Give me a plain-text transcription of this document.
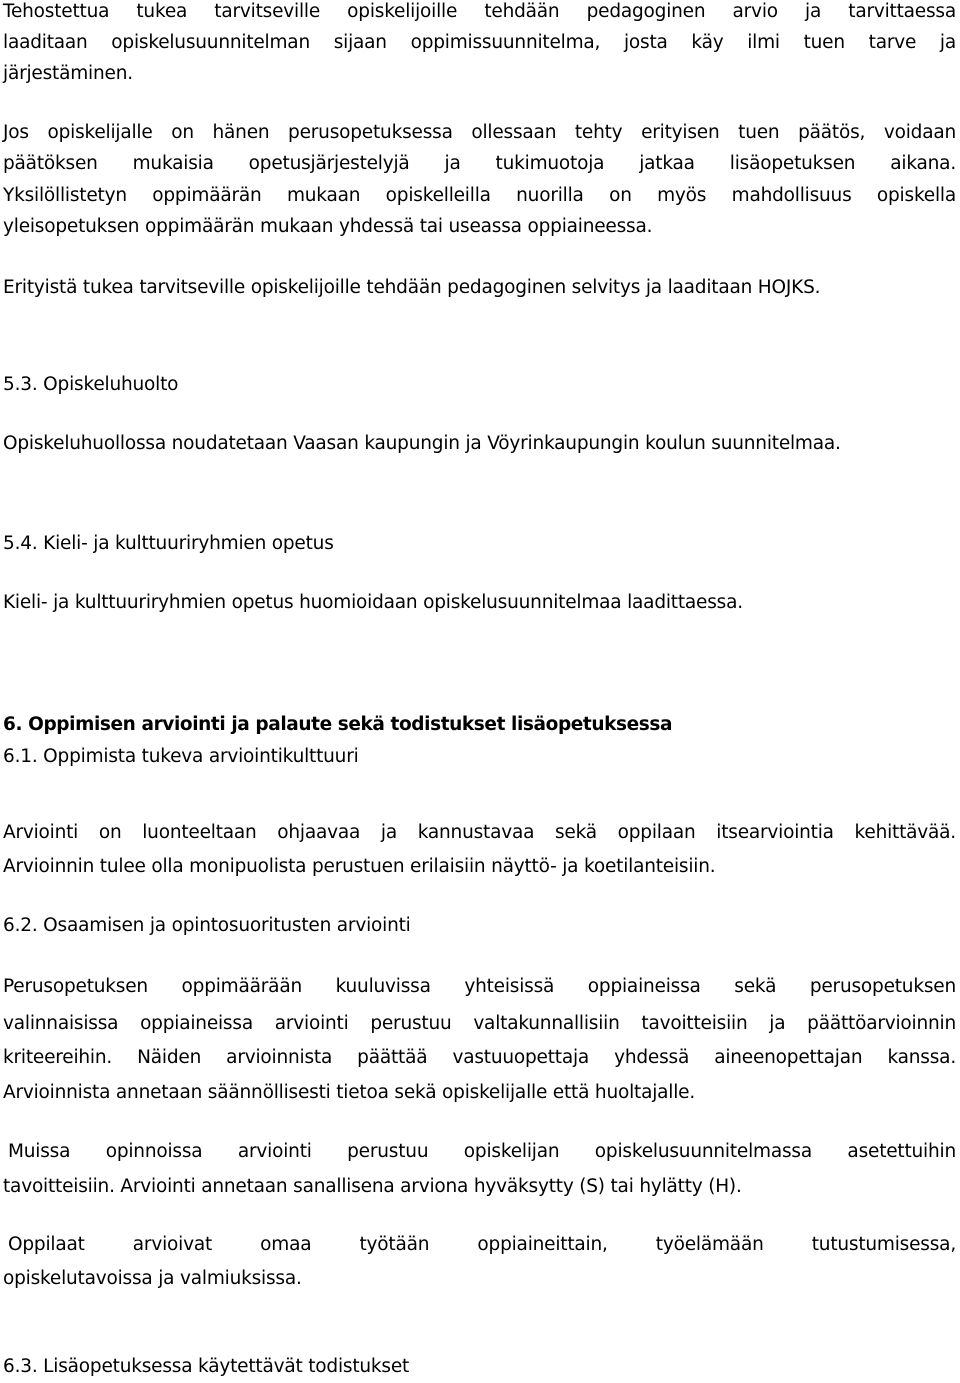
Tehostettua tukea tarvitseville opiskelijoille tehdään pedagoginen arvio ja tarvittaessa
laaditaan opiskelusuunnitelman sijaan oppimissuunnitelma, josta käy ilmi tuen tarve ja
järjestäminen.
Jos opiskelijalle on hänen perusopetuksessa ollessaan tehty erityisen tuen päätös, voidaan
päätöksen mukaisia opetusjärjestelyjä ja tukimuotoja jatkaa lisäopetuksen aikana.
Yksilöllistetyn oppimäärän mukaan opiskelleilla nuorilla on myös mahdollisuus opiskella
yleisopetuksen oppimäärän mukaan yhdessä tai useassa oppiaineessa.
Erityistä tukea tarvitseville opiskelijoille tehdään pedagoginen selvitys ja laaditaan HOJKS.
5.3. Opiskeluhuolto
Opiskeluhuollossa noudatetaan Vaasan kaupungin ja Vöyrinkaupungin koulun suunnitelmaa.
5.4. Kieli- ja kulttuuriryhmien opetus
Kieli- ja kulttuuriryhmien opetus huomioidaan opiskelusuunnitelmaa laadittaessa.
6. Oppimisen arviointi ja palaute sekä todistukset lisäopetuksessa
6.1. Oppimista tukeva arviointikulttuuri
Arviointi on luonteeltaan ohjaavaa ja kannustavaa sekä oppilaan itsearviointia kehittävää.
Arvioinnin tulee olla monipuolista perustuen erilaisiin näyttö- ja koetilanteisiin.
6.2. Osaamisen ja opintosuoritusten arviointi
Perusopetuksen oppimäärään kuuluvissa yhteisissä oppiaineissa sekä perusopetuksen
valinnaisissa oppiaineissa arviointi perustuu valtakunnallisiin tavoitteisiin ja päättöarvioinnin
kriteereihin. Näiden arvioinnista päättää vastuuopettaja yhdessä aineenopettajan kanssa.
Arvioinnista annetaan säännöllisesti tietoa sekä opiskelijalle että huoltajalle.
Muissa opinnoissa arviointi perustuu opiskelijan opiskelusuunnitelmassa asetettuihin
tavoitteisiin. Arviointi annetaan sanallisena arviona hyväksytty (S) tai hylätty (H).
Oppilaat arvioivat omaa työtään oppiaineittain, työelämään tutustumisessa,
opiskelutavoissa ja valmiuksissa.
6.3. Lisäopetuksessa käytettävät todistukset
